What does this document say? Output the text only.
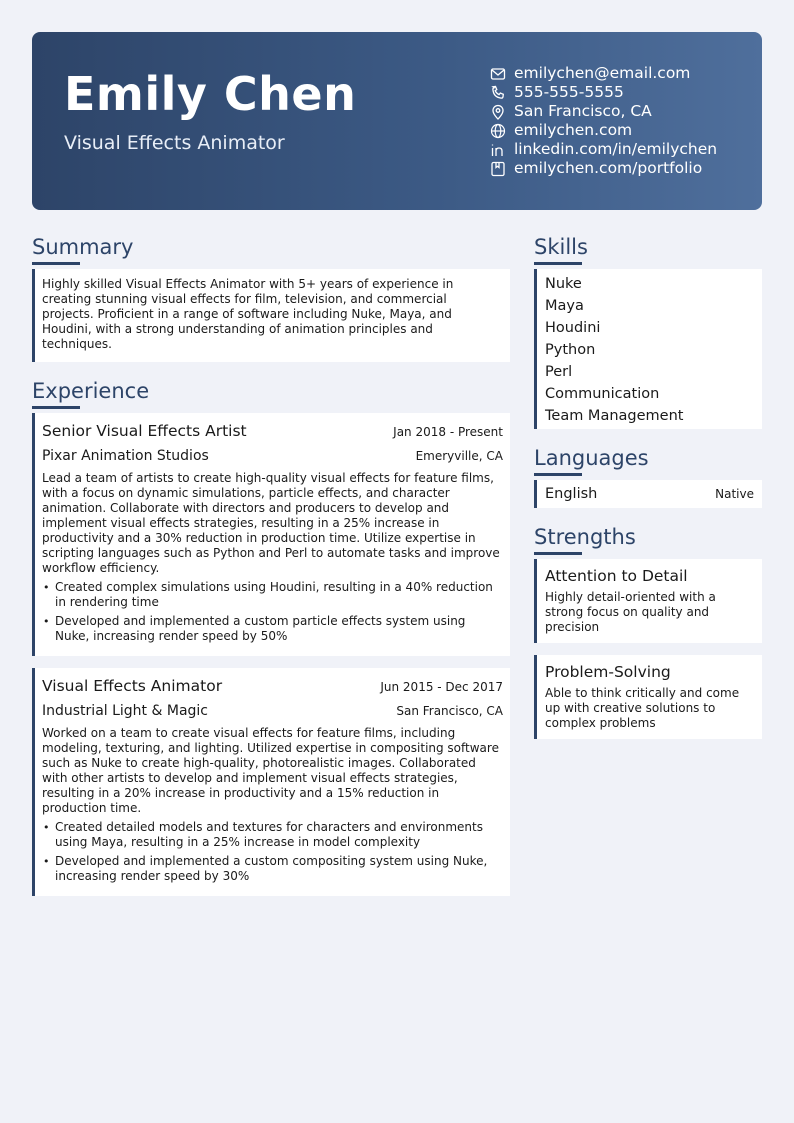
Emily Chen
Visual Effects Animator
emilychen@email.com
555-555-5555
San Francisco, CA
emilychen.com
linkedin.com/in/emilychen
emilychen.com/portfolio
Summary
Highly skilled Visual Effects Animator with 5+ years of experience in creating stunning visual effects for film, television, and commercial projects. Proficient in a range of software including Nuke, Maya, and Houdini, with a strong understanding of animation principles and techniques.
Experience
Senior Visual Effects Artist	Jan 2018 - Present
Pixar Animation Studios	Emeryville, CA
Lead a team of artists to create high-quality visual effects for feature films, with a focus on dynamic simulations, particle effects, and character animation. Collaborate with directors and producers to develop and implement visual effects strategies, resulting in a 25% increase in productivity and a 30% reduction in production time. Utilize expertise in scripting languages such as Python and Perl to automate tasks and improve workflow efficiency.
• Created complex simulations using Houdini, resulting in a 40% reduction in rendering time
• Developed and implemented a custom particle effects system using Nuke, increasing render speed by 50%
Visual Effects Animator	Jun 2015 - Dec 2017
Industrial Light & Magic	San Francisco, CA
Worked on a team to create visual effects for feature films, including modeling, texturing, and lighting. Utilized expertise in compositing software such as Nuke to create high-quality, photorealistic images. Collaborated with other artists to develop and implement visual effects strategies, resulting in a 20% increase in productivity and a 15% reduction in production time.
• Created detailed models and textures for characters and environments using Maya, resulting in a 25% increase in model complexity
• Developed and implemented a custom compositing system using Nuke, increasing render speed by 30%
Skills
Nuke
Maya
Houdini
Python
Perl
Communication
Team Management
Languages
English	Native
Strengths
Attention to Detail
Highly detail-oriented with a strong focus on quality and precision
Problem-Solving
Able to think critically and come up with creative solutions to complex problems
